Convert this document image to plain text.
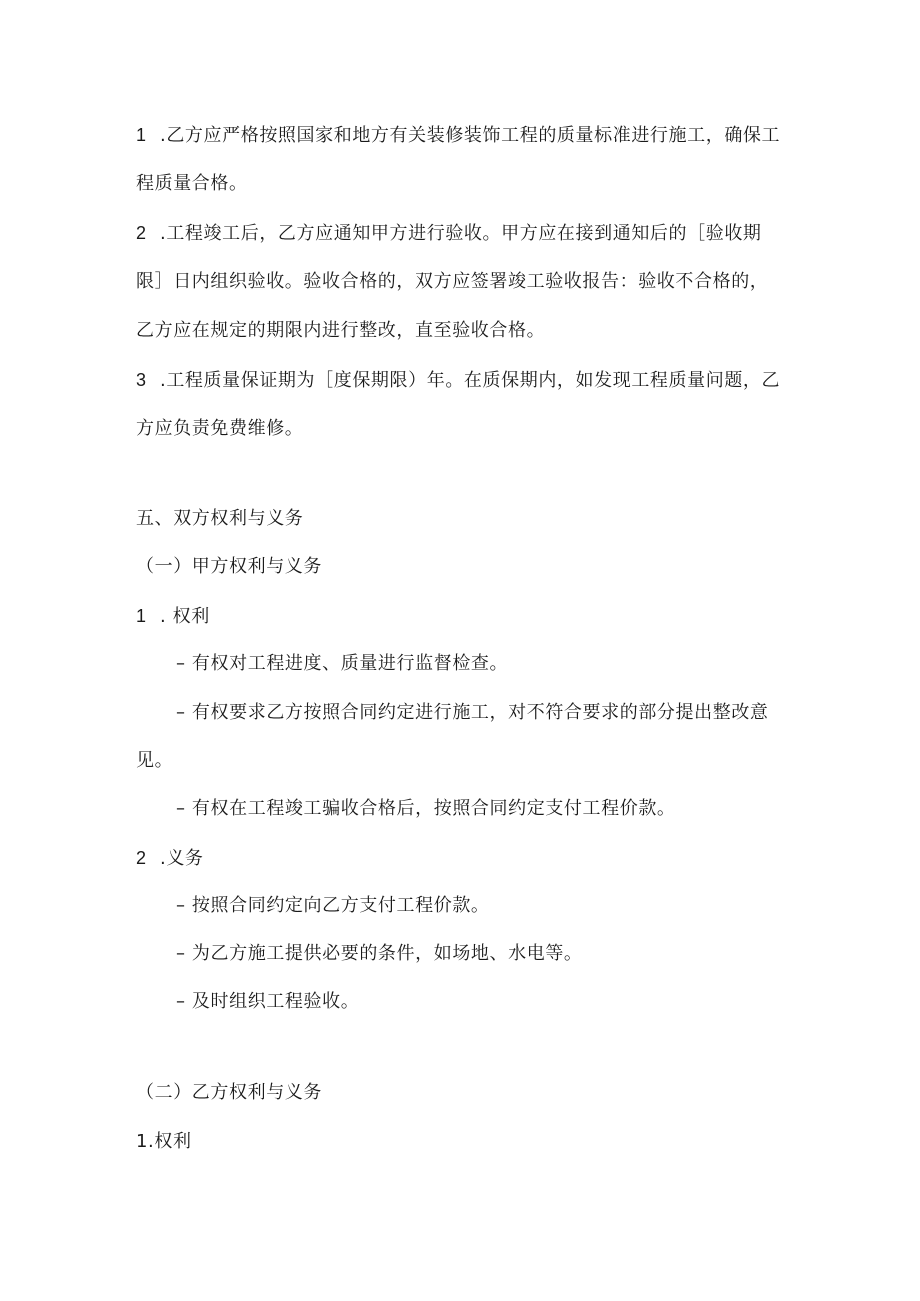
1 .乙方应严格按照国家和地方有关装修装饰工程的质量标准进行施工，确保工
程质量合格。
2 .工程竣工后，乙方应通知甲方进行验收。甲方应在接到通知后的［验收期
限］日内组织验收。验收合格的，双方应签署竣工验收报告：验收不合格的，
乙方应在规定的期限内进行整改，直至验收合格。
3 .工程质量保证期为［度保期限）年。在质保期内，如发现工程质量问题，乙
方应负责免费维修。
五、双方权利与义务
（一）甲方权利与义务
1 . 权利
– 有权对工程进度、质量进行监督检查。
– 有权要求乙方按照合同约定进行施工，对不符合要求的部分提出整改意
见。
– 有权在工程竣工骗收合格后，按照合同约定支付工程价款。
2 .义务
– 按照合同约定向乙方支付工程价款。
– 为乙方施工提供必要的条件，如场地、水电等。
– 及时组织工程验收。
（二）乙方权利与义务
1.权利
